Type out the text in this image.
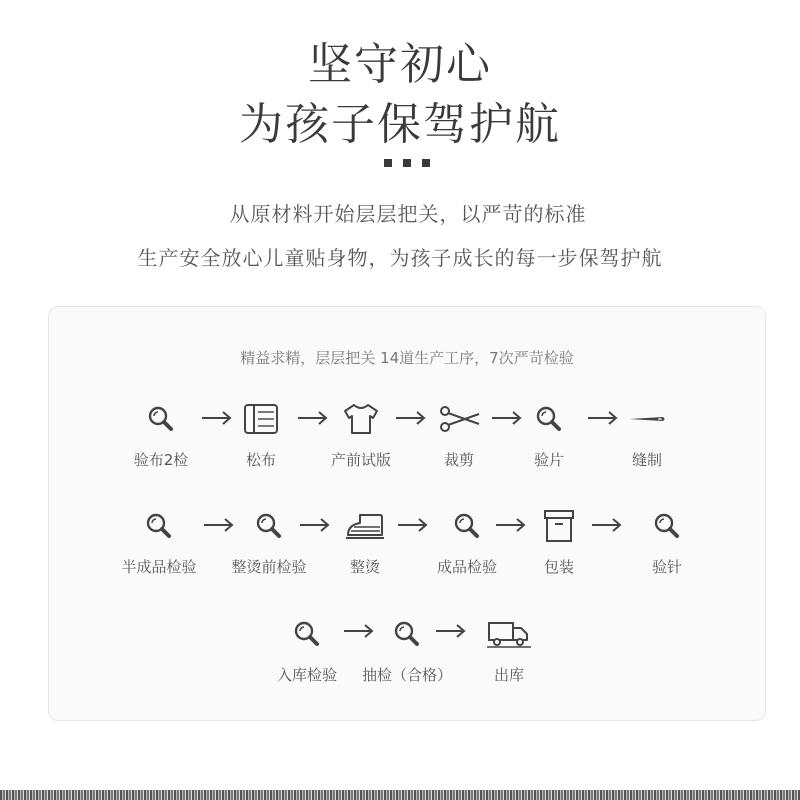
坚守初心
为孩子保驾护航
从原材料开始层层把关，以严苛的标准
生产安全放心儿童贴身物，为孩子成长的每一步保驾护航
精益求精，层层把关 14道生产工序，7次严苛检验
验布2检	松布	产前试版	裁剪	验片	缝制
半成品检验	整烫前检验	整烫	成品检验	包装	验针
入库检验	抽检（合格）	出库
